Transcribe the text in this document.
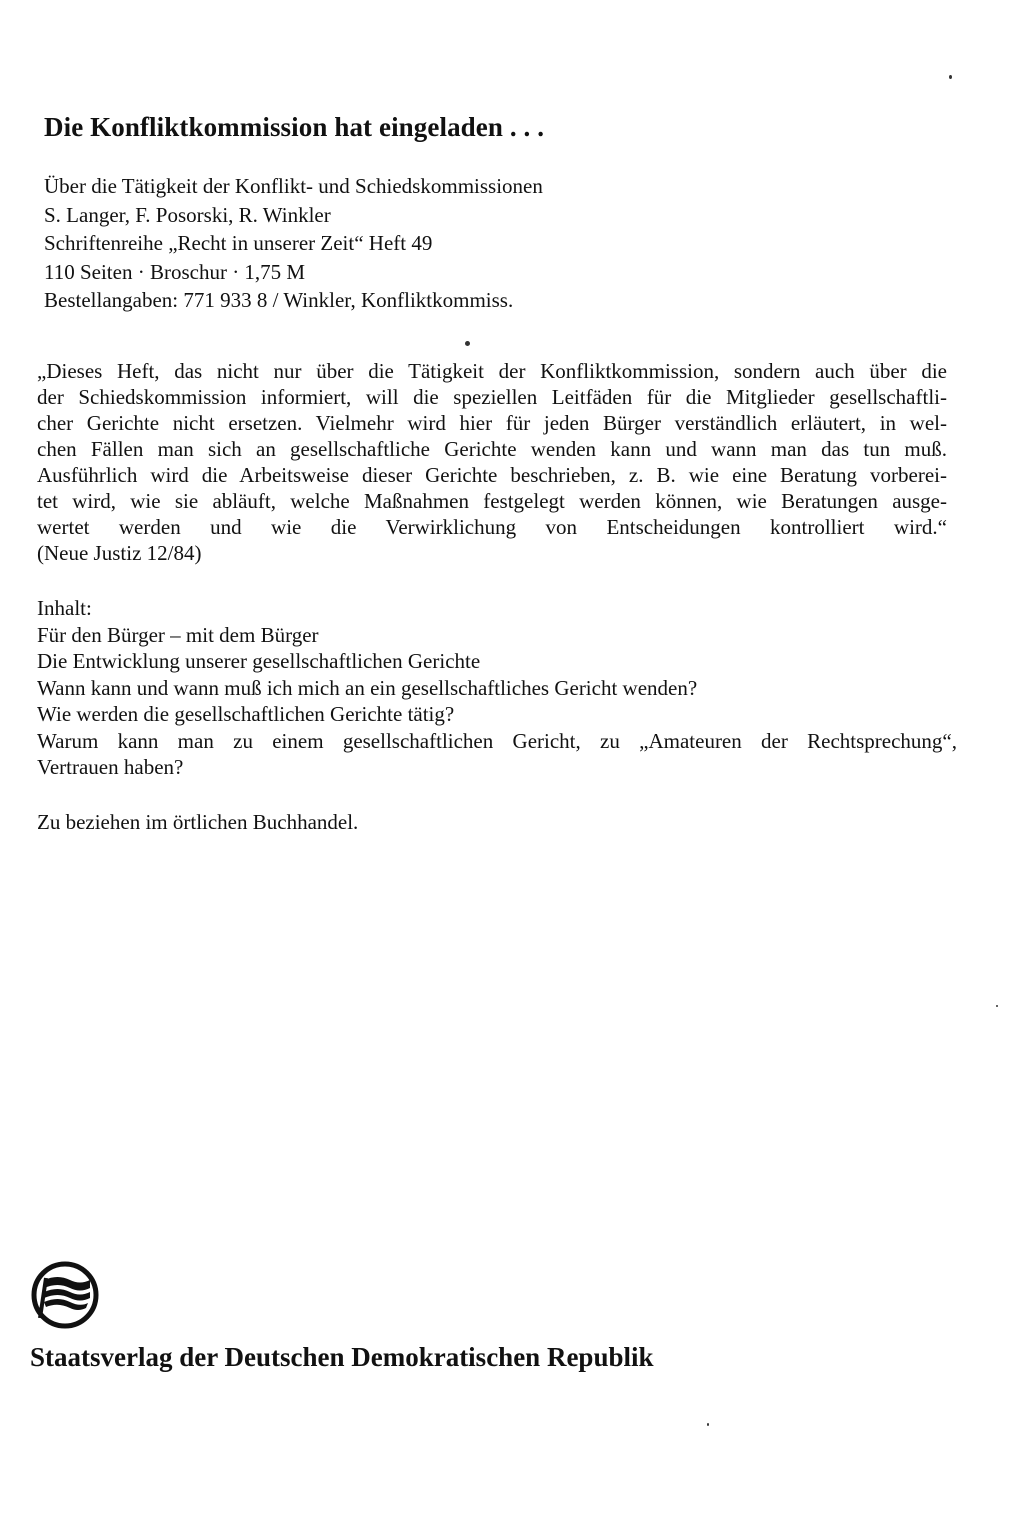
Die Konfliktkommission hat eingeladen . . .
Über die Tätigkeit der Konflikt- und Schiedskommissionen
S. Langer, F. Posorski, R. Winkler
Schriftenreihe „Recht in unserer Zeit“ Heft 49
110 Seiten · Broschur · 1,75 M
Bestellangaben: 771 933 8 / Winkler, Konfliktkommiss.
„Dieses Heft, das nicht nur über die Tätigkeit der Konfliktkommission, sondern auch über die
der Schiedskommission informiert, will die speziellen Leitfäden für die Mitglieder gesellschaftli-
cher Gerichte nicht ersetzen. Vielmehr wird hier für jeden Bürger verständlich erläutert, in wel-
chen Fällen man sich an gesellschaftliche Gerichte wenden kann und wann man das tun muß.
Ausführlich wird die Arbeitsweise dieser Gerichte beschrieben, z. B. wie eine Beratung vorberei-
tet wird, wie sie abläuft, welche Maßnahmen festgelegt werden können, wie Beratungen ausge-
wertet werden und wie die Verwirklichung von Entscheidungen kontrolliert wird.“
(Neue Justiz 12/84)
Inhalt:
Für den Bürger – mit dem Bürger
Die Entwicklung unserer gesellschaftlichen Gerichte
Wann kann und wann muß ich mich an ein gesellschaftliches Gericht wenden?
Wie werden die gesellschaftlichen Gerichte tätig?
Warum kann man zu einem gesellschaftlichen Gericht, zu „Amateuren der Rechtsprechung“,
Vertrauen haben?
Zu beziehen im örtlichen Buchhandel.
Staatsverlag der Deutschen Demokratischen Republik
